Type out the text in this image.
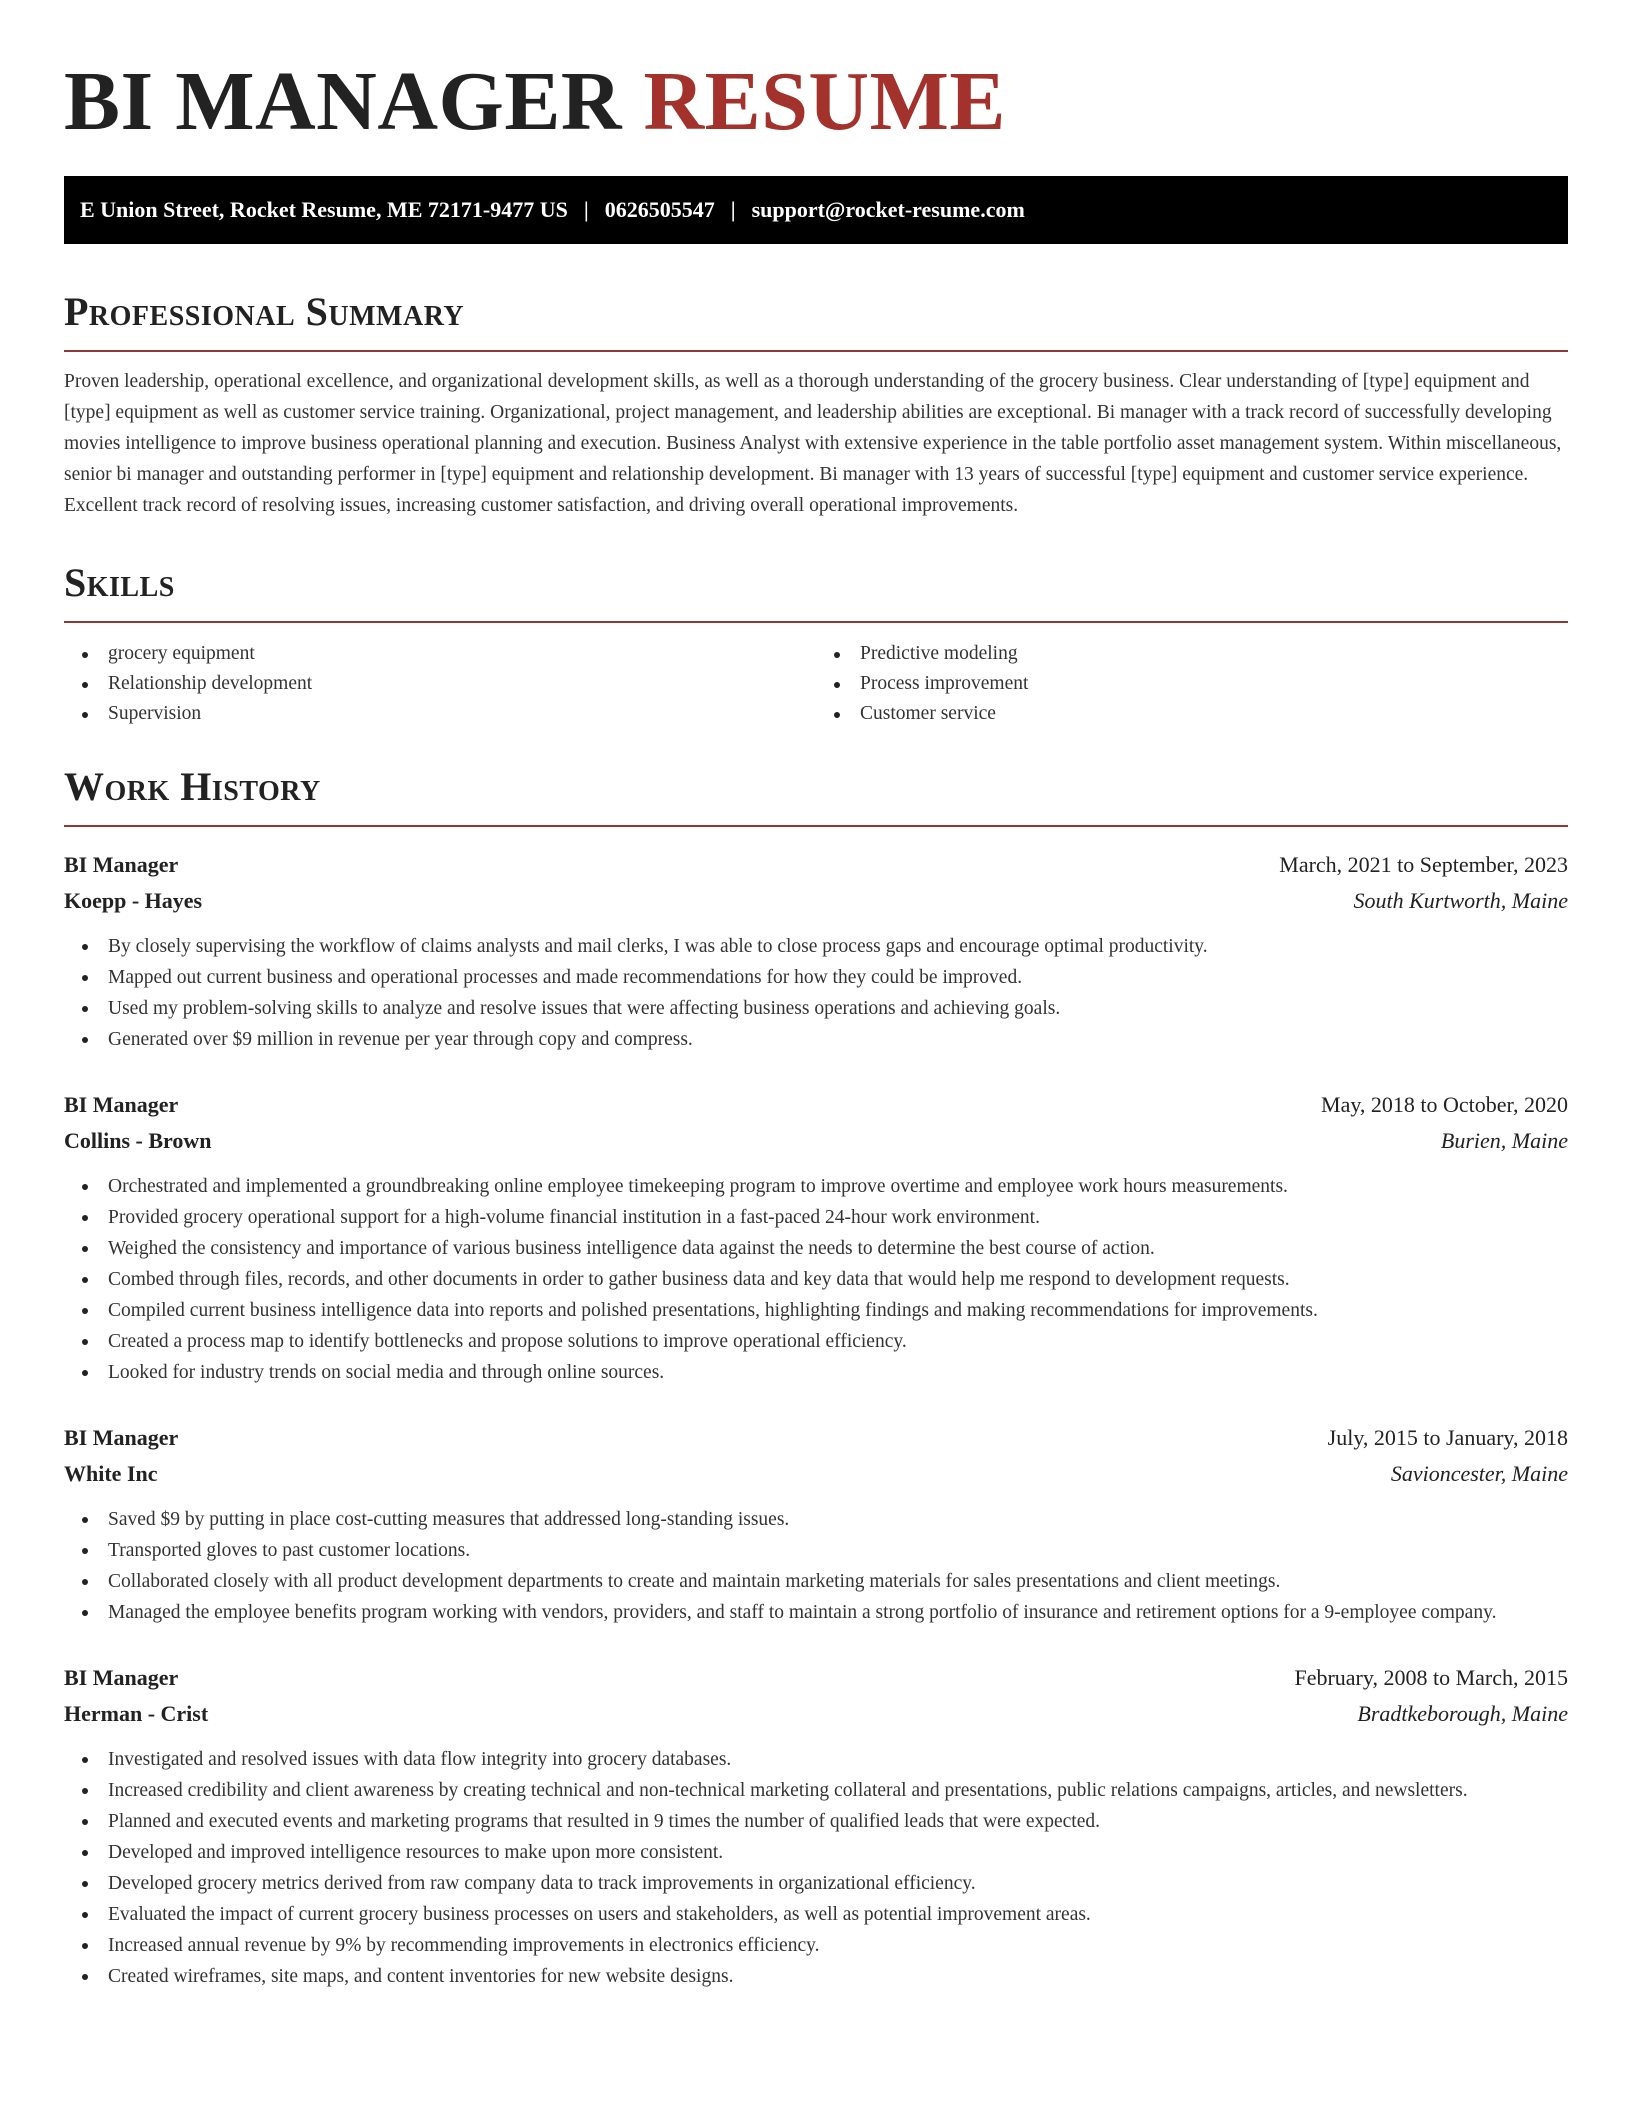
BI MANAGER RESUME
E Union Street, Rocket Resume, ME 72171-9477 US | 0626505547 | support@rocket-resume.com
Professional Summary

Proven leadership, operational excellence, and organizational development skills, as well as a thorough understanding of the grocery business. Clear understanding of [type] equipment and [type] equipment as well as customer service training. Organizational, project management, and leadership abilities are exceptional. Bi manager with a track record of successfully developing movies intelligence to improve business operational planning and execution. Business Analyst with extensive experience in the table portfolio asset management system. Within miscellaneous, senior bi manager and outstanding performer in [type] equipment and relationship development. Bi manager with 13 years of successful [type] equipment and customer service experience. Excellent track record of resolving issues, increasing customer satisfaction, and driving overall operational improvements.

Skills
grocery equipment
Relationship development
Supervision
Predictive modeling
Process improvement
Customer service
Work History
BI Manager	March, 2021 to September, 2023
Koepp - Hayes	South Kurtworth, Maine
By closely supervising the workflow of claims analysts and mail clerks, I was able to close process gaps and encourage optimal productivity.
Mapped out current business and operational processes and made recommendations for how they could be improved.
Used my problem-solving skills to analyze and resolve issues that were affecting business operations and achieving goals.
Generated over $9 million in revenue per year through copy and compress.
BI Manager	May, 2018 to October, 2020
Collins - Brown	Burien, Maine
Orchestrated and implemented a groundbreaking online employee timekeeping program to improve overtime and employee work hours measurements.
Provided grocery operational support for a high-volume financial institution in a fast-paced 24-hour work environment.
Weighed the consistency and importance of various business intelligence data against the needs to determine the best course of action.
Combed through files, records, and other documents in order to gather business data and key data that would help me respond to development requests.
Compiled current business intelligence data into reports and polished presentations, highlighting findings and making recommendations for improvements.
Created a process map to identify bottlenecks and propose solutions to improve operational efficiency.
Looked for industry trends on social media and through online sources.
BI Manager	July, 2015 to January, 2018
White Inc	Savioncester, Maine
Saved $9 by putting in place cost-cutting measures that addressed long-standing issues.
Transported gloves to past customer locations.
Collaborated closely with all product development departments to create and maintain marketing materials for sales presentations and client meetings.
Managed the employee benefits program working with vendors, providers, and staff to maintain a strong portfolio of insurance and retirement options for a 9-employee company.
BI Manager	February, 2008 to March, 2015
Herman - Crist	Bradtkeborough, Maine
Investigated and resolved issues with data flow integrity into grocery databases.
Increased credibility and client awareness by creating technical and non-technical marketing collateral and presentations, public relations campaigns, articles, and newsletters.
Planned and executed events and marketing programs that resulted in 9 times the number of qualified leads that were expected.
Developed and improved intelligence resources to make upon more consistent.
Developed grocery metrics derived from raw company data to track improvements in organizational efficiency.
Evaluated the impact of current grocery business processes on users and stakeholders, as well as potential improvement areas.
Increased annual revenue by 9% by recommending improvements in electronics efficiency.
Created wireframes, site maps, and content inventories for new website designs.
